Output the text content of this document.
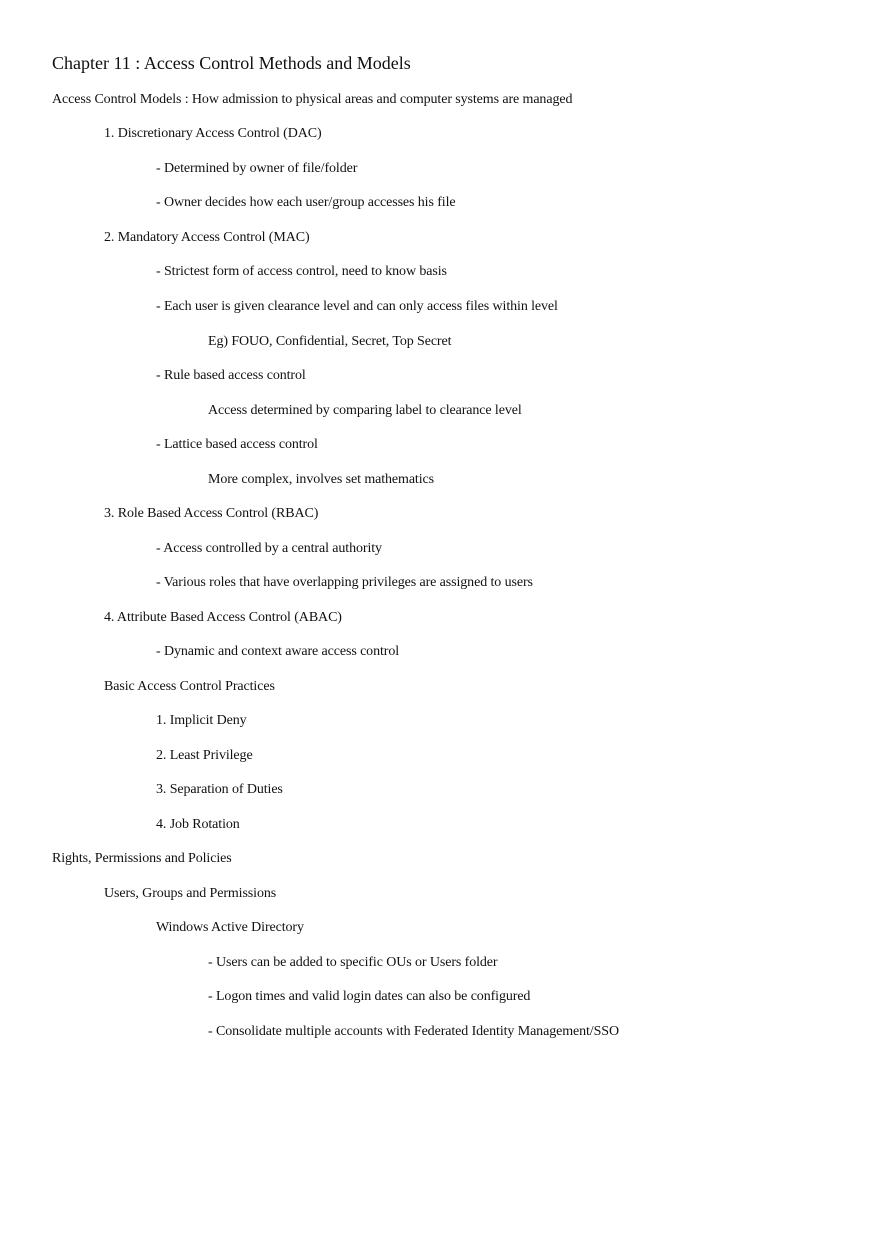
Chapter 11 : Access Control Methods and Models
Access Control Models : How admission to physical areas and computer systems are managed
1. Discretionary Access Control (DAC)
- Determined by owner of file/folder
- Owner decides how each user/group accesses his file
2. Mandatory Access Control (MAC)
- Strictest form of access control, need to know basis
- Each user is given clearance level and can only access files within level
Eg) FOUO, Confidential, Secret, Top Secret
- Rule based access control
Access determined by comparing label to clearance level
- Lattice based access control
More complex, involves set mathematics
3. Role Based Access Control (RBAC)
- Access controlled by a central authority
- Various roles that have overlapping privileges are assigned to users
4. Attribute Based Access Control (ABAC)
- Dynamic and context aware access control
Basic Access Control Practices
1. Implicit Deny
2. Least Privilege
3. Separation of Duties
4. Job Rotation
Rights, Permissions and Policies
Users, Groups and Permissions
Windows Active Directory
- Users can be added to specific OUs or Users folder
- Logon times and valid login dates can also be configured
- Consolidate multiple accounts with Federated Identity Management/SSO
